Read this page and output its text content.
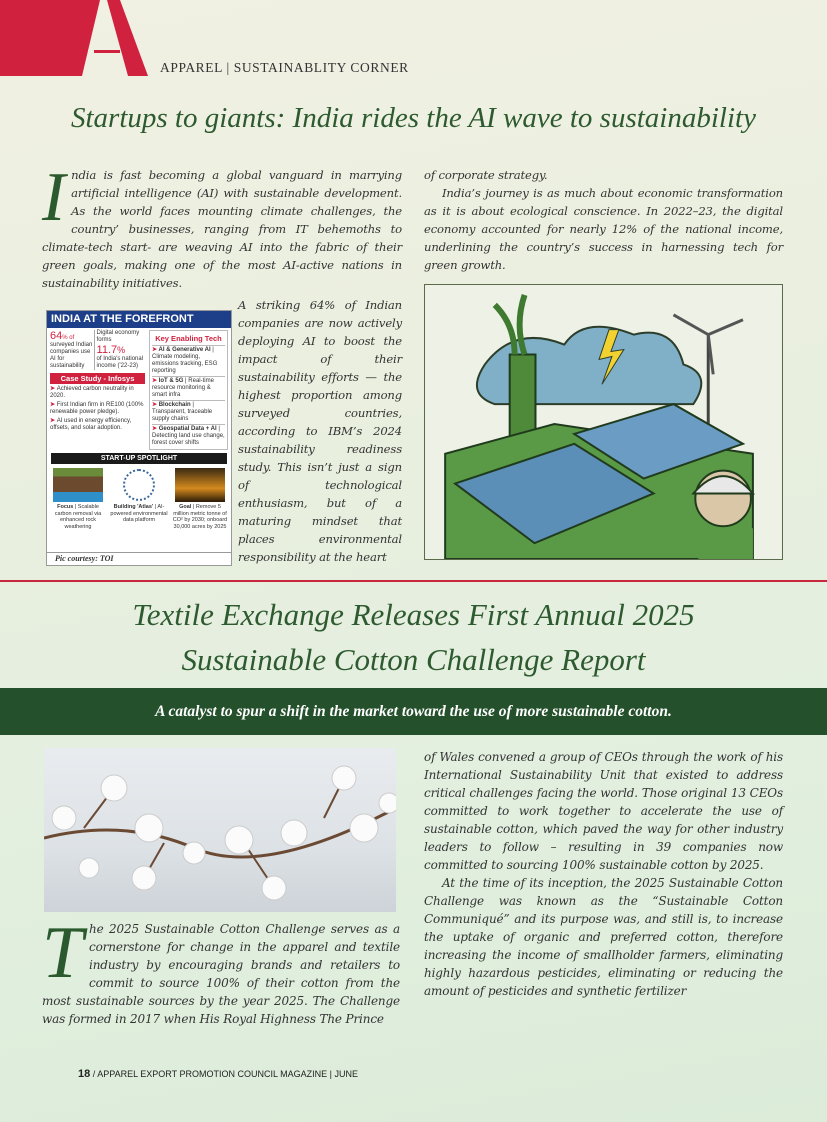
APPAREL | SUSTAINABLITY CORNER
Startups to giants: India rides the AI wave to sustainability
I ndia is fast becoming a global vanguard in marrying artificial intelligence (AI) with sustainable development. As the world faces mounting climate challenges, the country’ businesses, ranging from IT behemoths to climate-tech start- are weaving AI into the fabric of their green goals, making one of the most AI-active nations in sustainability initiatives.

INDIA AT THE FOREFRONT
64% of
surveyed Indian companies use AI for sustainability
Digital economy forms
11.7%
of India's national income ('22-23)
Case Study - Infosys
➤ Achieved carbon neutrality in 2020.
➤ First Indian firm in RE100 (100% renewable power pledge).
➤ AI used in energy efficiency, offsets, and solar adoption.
Key Enabling Tech
➤ AI & Generative AI | Climate modeling, emissions tracking, ESG reporting
➤ IoT & 5G | Real-time resource monitoring & smart infra
➤ Blockchain | Transparent, traceable supply chains
➤ Geospatial Data + AI | Detecting land use change, forest cover shifts
START-UP SPOTLIGHT
Focus | Scalable carbon removal via enhanced rock weathering
Building 'Atlas' | AI-powered environmental data platform
Goal | Remove 5 million metric tonne of CO² by 2030; onboard 30,000 acres by 2025
Pic courtesy: TOI
A striking 64% of Indian companies are now actively deploying AI to boost the impact of their sustainability efforts — the highest proportion among surveyed countries, according to IBM’s 2024 sustainability readiness study. This isn’t just a sign of technological enthusiasm, but of a maturing mindset that places environmental responsibility at the heart

of corporate strategy.

India’s journey is as much about economic transformation as it is about ecological conscience. In 2022–23, the digital economy accounted for nearly 12% of the national income, underlining the country’s success in harnessing tech for green growth.

Textile Exchange Releases First Annual 2025
Sustainable Cotton Challenge Report
A catalyst to spur a shift in the market toward the use of more sustainable cotton.
T he 2025 Sustainable Cotton Challenge serves as a cornerstone for change in the apparel and textile industry by encouraging brands and retailers to commit to source 100% of their cotton from the most sustainable sources by the year 2025. The Challenge was formed in 2017 when His Royal Highness The Prince

of Wales convened a group of CEOs through the work of his International Sustainability Unit that existed to address critical challenges facing the world. Those original 13 CEOs committed to work together to accelerate the use of sustainable cotton, which paved the way for other industry leaders to follow – resulting in 39 companies now committed to sourcing 100% sustainable cotton by 2025.

At the time of its inception, the 2025 Sustainable Cotton Challenge was known as the “Sustainable Cotton Communiqué” and its purpose was, and still is, to increase the uptake of organic and preferred cotton, therefore increasing the income of smallholder farmers, eliminating highly hazardous pesticides, eliminating or reducing the amount of pesticides and synthetic fertilizer

18 / APPAREL EXPORT PROMOTION COUNCIL MAGAZINE | JUNE
